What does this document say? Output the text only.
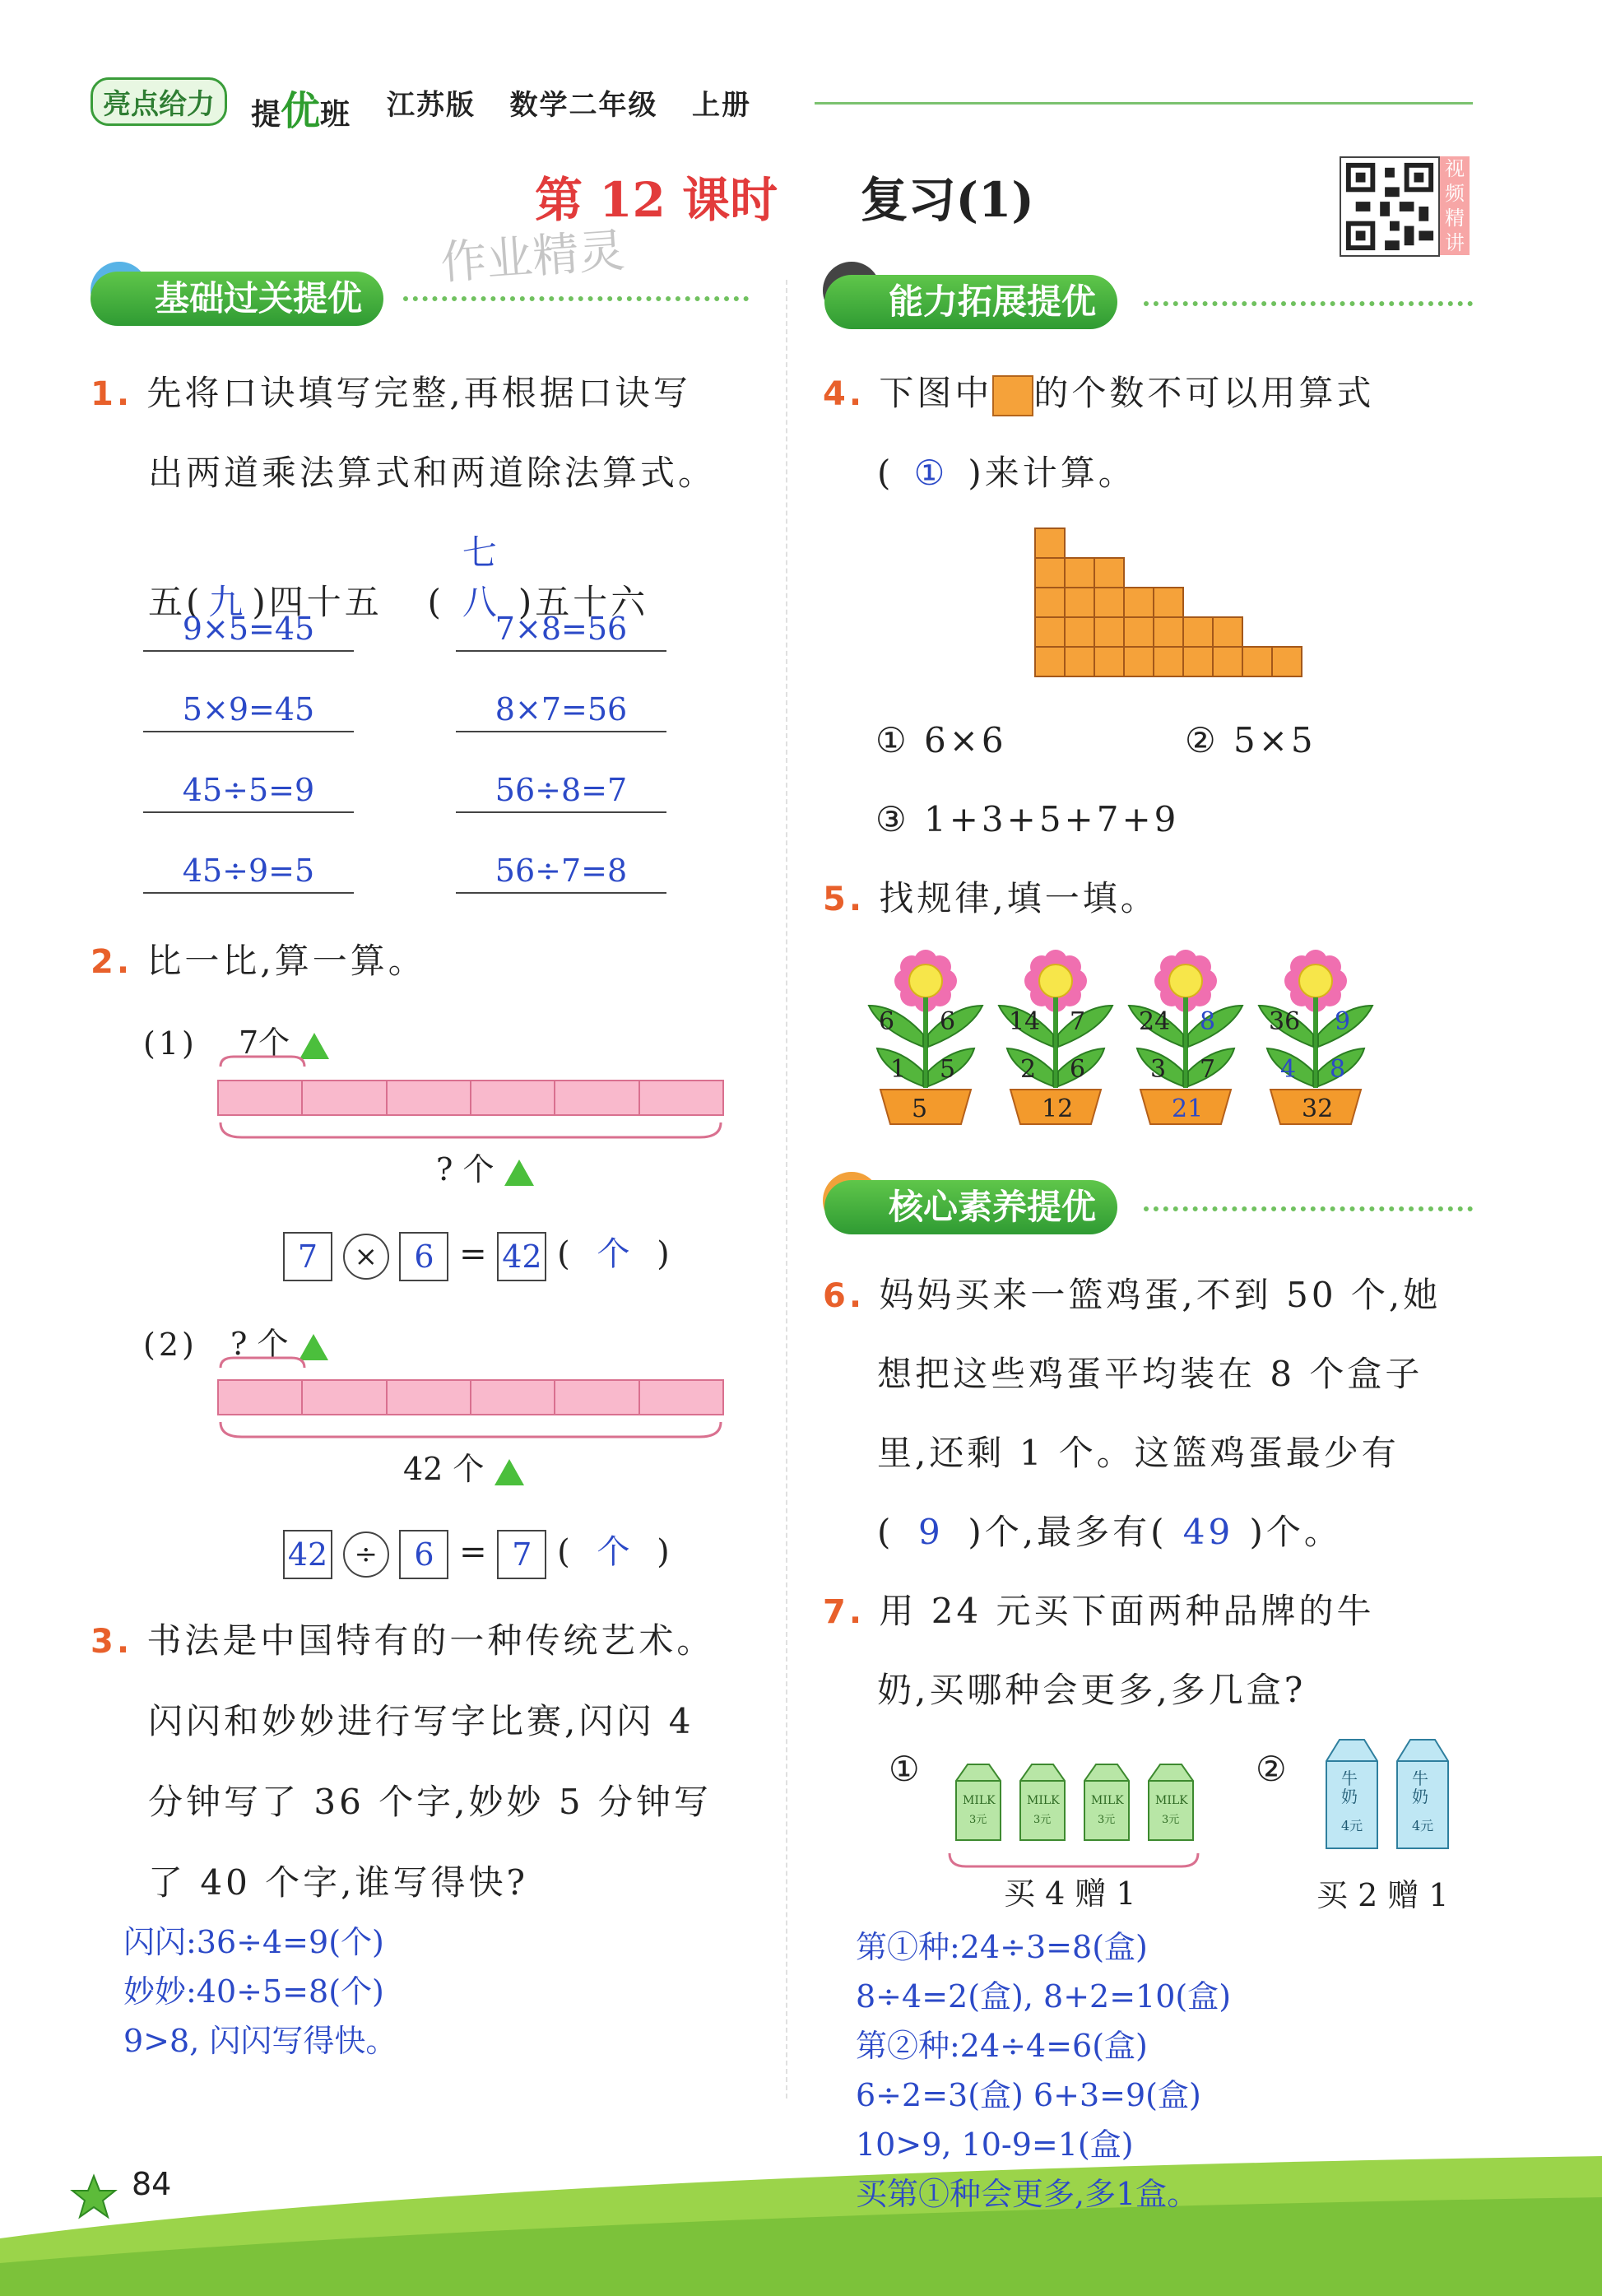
亮点给力	提优班 江苏版   数学二年级   上册
第 12 课时 复习(1)
视频精讲
作业精灵
基础过关提优
1. 先将口诀填写完整,再根据口诀写
出两道乘法算式和两道除法算式。
五( 九 )四十五 (七八 )五十六
9×5=45
5×9=45
45÷5=9
45÷9=5
7×8=56
8×7=56
56÷8=7
56÷7=8
2. 比一比,算一算。
(1) 7个
? 个
7 × 6 = 42 ( 个 )
(2) ? 个
42 个
42 ÷ 6 = 7 ( 个 )
3. 书法是中国特有的一种传统艺术。
闪闪和妙妙进行写字比赛,闪闪 4
分钟写了 36 个字,妙妙 5 分钟写
了 40 个字,谁写得快?
闪闪:36÷4=9(个)
妙妙:40÷5=8(个)
9>8, 闪闪写得快。
能力拓展提优
4. 下图中 的个数不可以用算式
( ① )来计算。
① 6×6	② 5×5
③ 1+3+5+7+9
5. 找规律,填一填。
6 6
1 5
5
14 7
2 6
12
24 8
3 7
21
36 9
4 8
32
核心素养提优
6. 妈妈买来一篮鸡蛋,不到 50 个,她
想把这些鸡蛋平均装在 8 个盒子
里,还剩 1 个。这篮鸡蛋最少有
( 9 )个,最多有( 49 )个。
7. 用 24 元买下面两种品牌的牛
奶,买哪种会更多,多几盒?
①
MILK
3元
MILK
3元
MILK
3元
MILK
3元
买 4 赠 1
②	牛奶
4元
牛奶
4元
买 2 赠 1
第①种:24÷3=8(盒)
8÷4=2(盒), 8+2=10(盒)
第②种:24÷4=6(盒)
6÷2=3(盒) 6+3=9(盒)
10>9, 10-9=1(盒)
买第①种会更多,多1盒。
84
